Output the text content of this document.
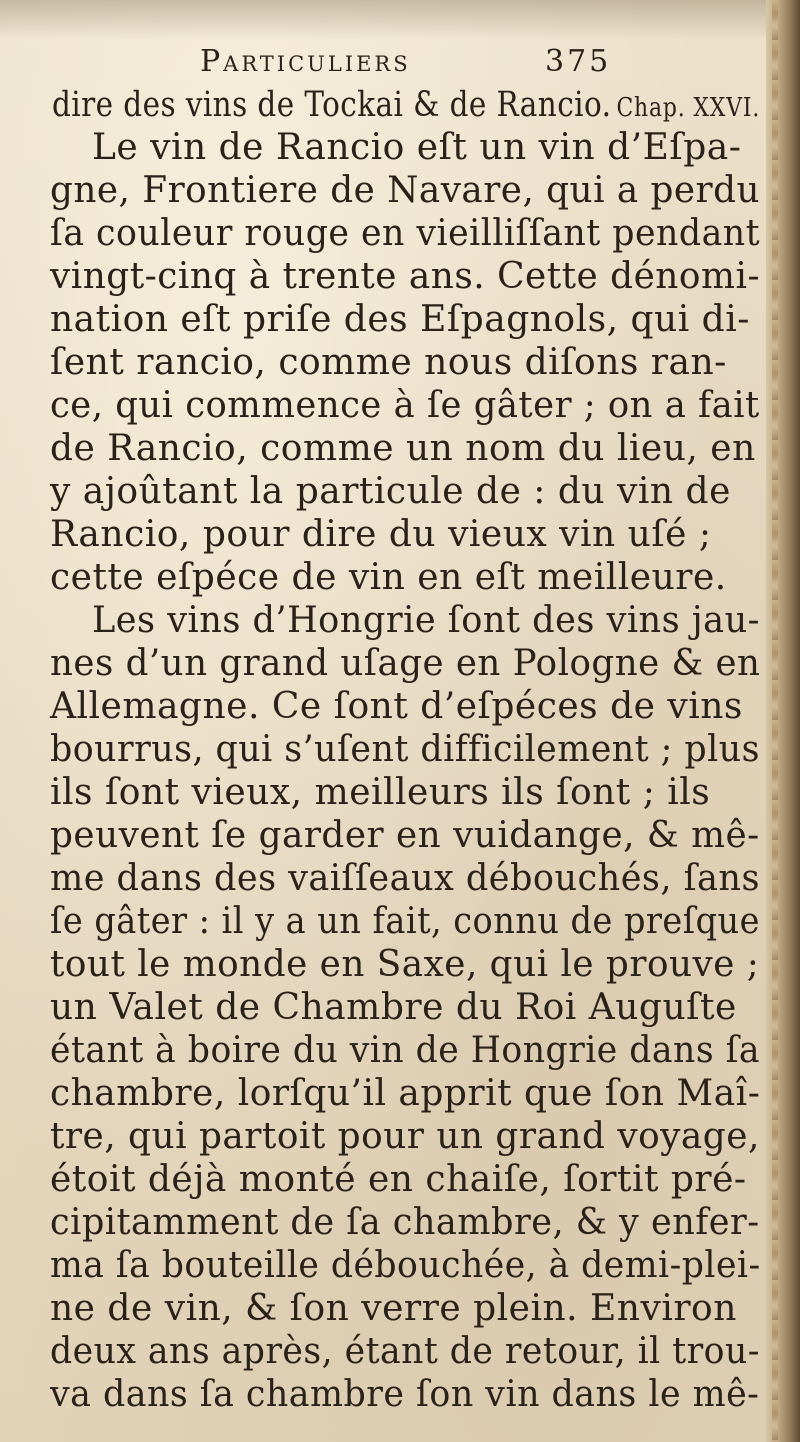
Particuliers	375
dire des vins de Tockai & de Rancio. Chap. XXVI.
Le vin de Rancio eſt un vin d’Eſpa-
gne, Frontiere de Navare, qui a perdu
ſa couleur rouge en vieilliſſant pendant
vingt-cinq à trente ans. Cette dénomi-
nation eſt priſe des Eſpagnols, qui di-
ſent rancio, comme nous diſons ran-
ce, qui commence à ſe gâter ; on a fait
de Rancio, comme un nom du lieu, en
y ajoûtant la particule de : du vin de
Rancio, pour dire du vieux vin uſé ;
cette eſpéce de vin en eſt meilleure.
Les vins d’Hongrie ſont des vins jau-
nes d’un grand uſage en Pologne & en
Allemagne. Ce ſont d’eſpéces de vins
bourrus, qui s’uſent difficilement ; plus
ils ſont vieux, meilleurs ils ſont ; ils
peuvent ſe garder en vuidange, & mê-
me dans des vaiſſeaux débouchés, ſans
ſe gâter : il y a un fait, connu de preſque
tout le monde en Saxe, qui le prouve ;
un Valet de Chambre du Roi Auguſte
étant à boire du vin de Hongrie dans ſa
chambre, lorſqu’il apprit que ſon Maî-
tre, qui partoit pour un grand voyage,
étoit déjà monté en chaiſe, ſortit pré-
cipitamment de ſa chambre, & y enfer-
ma ſa bouteille débouchée, à demi-plei-
ne de vin, & ſon verre plein. Environ
deux ans après, étant de retour, il trou-
va dans ſa chambre ſon vin dans le mê-
